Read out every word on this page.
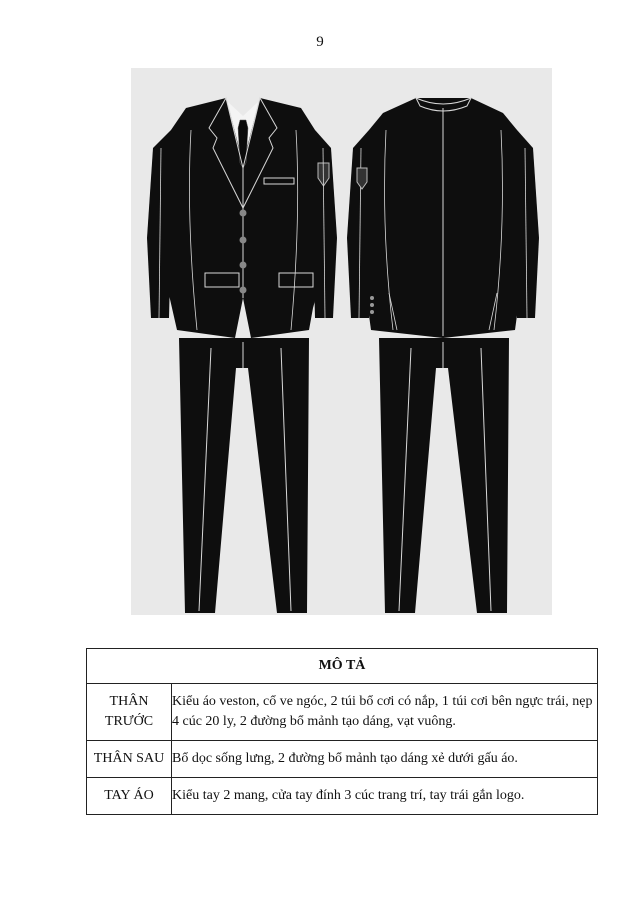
9
MÔ TẢ	
THÂN
TRƯỚC	Kiểu áo veston, cổ ve ngóc, 2 túi bổ cơi có nắp, 1 túi cơi bên ngực trái, nẹp 4 cúc 20 ly, 2 đường bổ mảnh tạo dáng, vạt vuông.
THÂN SAU	Bổ dọc sống lưng, 2 đường bổ mảnh tạo dáng xẻ dưới gấu áo.
TAY ÁO	Kiểu tay 2 mang, cửa tay đính 3 cúc trang trí, tay trái gắn logo.
